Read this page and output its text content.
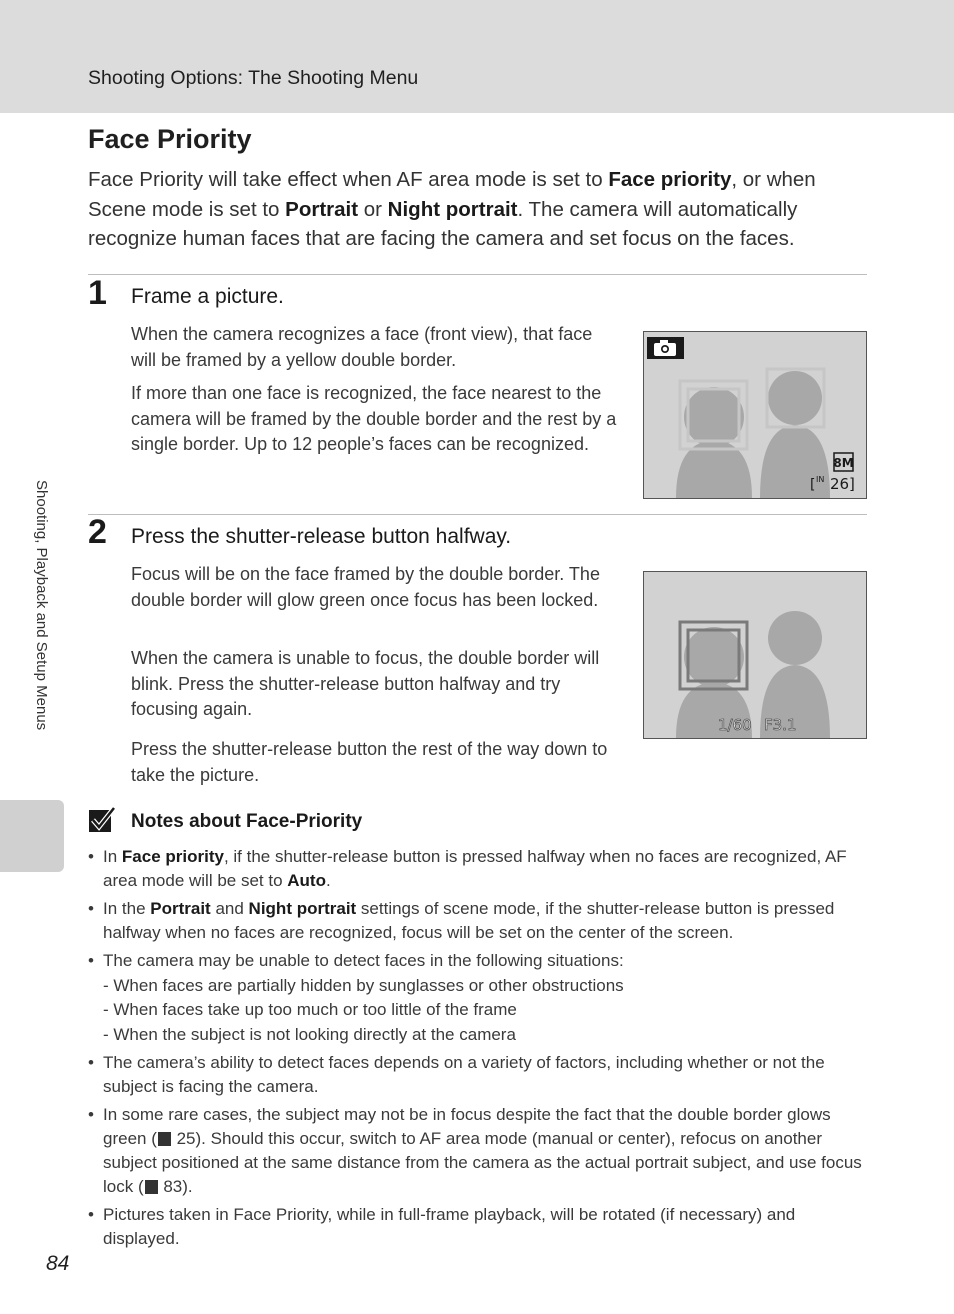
Shooting Options: The Shooting Menu
Shooting, Playback and Setup Menus
Face Priority

Face Priority will take effect when AF area mode is set to Face priority, or when Scene mode is set to Portrait or Night portrait. The camera will automatically recognize human faces that are facing the camera and set focus on the faces.

1 Frame a picture.

When the camera recognizes a face (front view), that face will be framed by a yellow double border.

If more than one face is recognized, the face nearest to the camera will be framed by the double border and the rest by a single border. Up to 12 people’s faces can be recognized.

8M
[ IN 26 ]
2 Press the shutter-release button halfway.

Focus will be on the face framed by the double border. The double border will glow green once focus has been locked.

When the camera is unable to focus, the double border will blink. Press the shutter-release button halfway and try focusing again.

Press the shutter-release button the rest of the way down to take the picture.

1/60 F3.1
Notes about Face-Priority
• In Face priority, if the shutter-release button is pressed halfway when no faces are recognized, AF area mode will be set to Auto.
• In the Portrait and Night portrait settings of scene mode, if the shutter-release button is pressed halfway when no faces are recognized, focus will be set on the center of the screen.
• The camera may be unable to detect faces in the following situations:
- When faces are partially hidden by sunglasses or other obstructions
- When faces take up too much or too little of the frame
- When the subject is not looking directly at the camera
• The camera’s ability to detect faces depends on a variety of factors, including whether or not the subject is facing the camera.
• In some rare cases, the subject may not be in focus despite the fact that the double border glows green ( 25). Should this occur, switch to AF area mode (manual or center), refocus on another subject positioned at the same distance from the camera as the actual portrait subject, and use focus lock ( 83).
• Pictures taken in Face Priority, while in full-frame playback, will be rotated (if necessary) and displayed.
84
